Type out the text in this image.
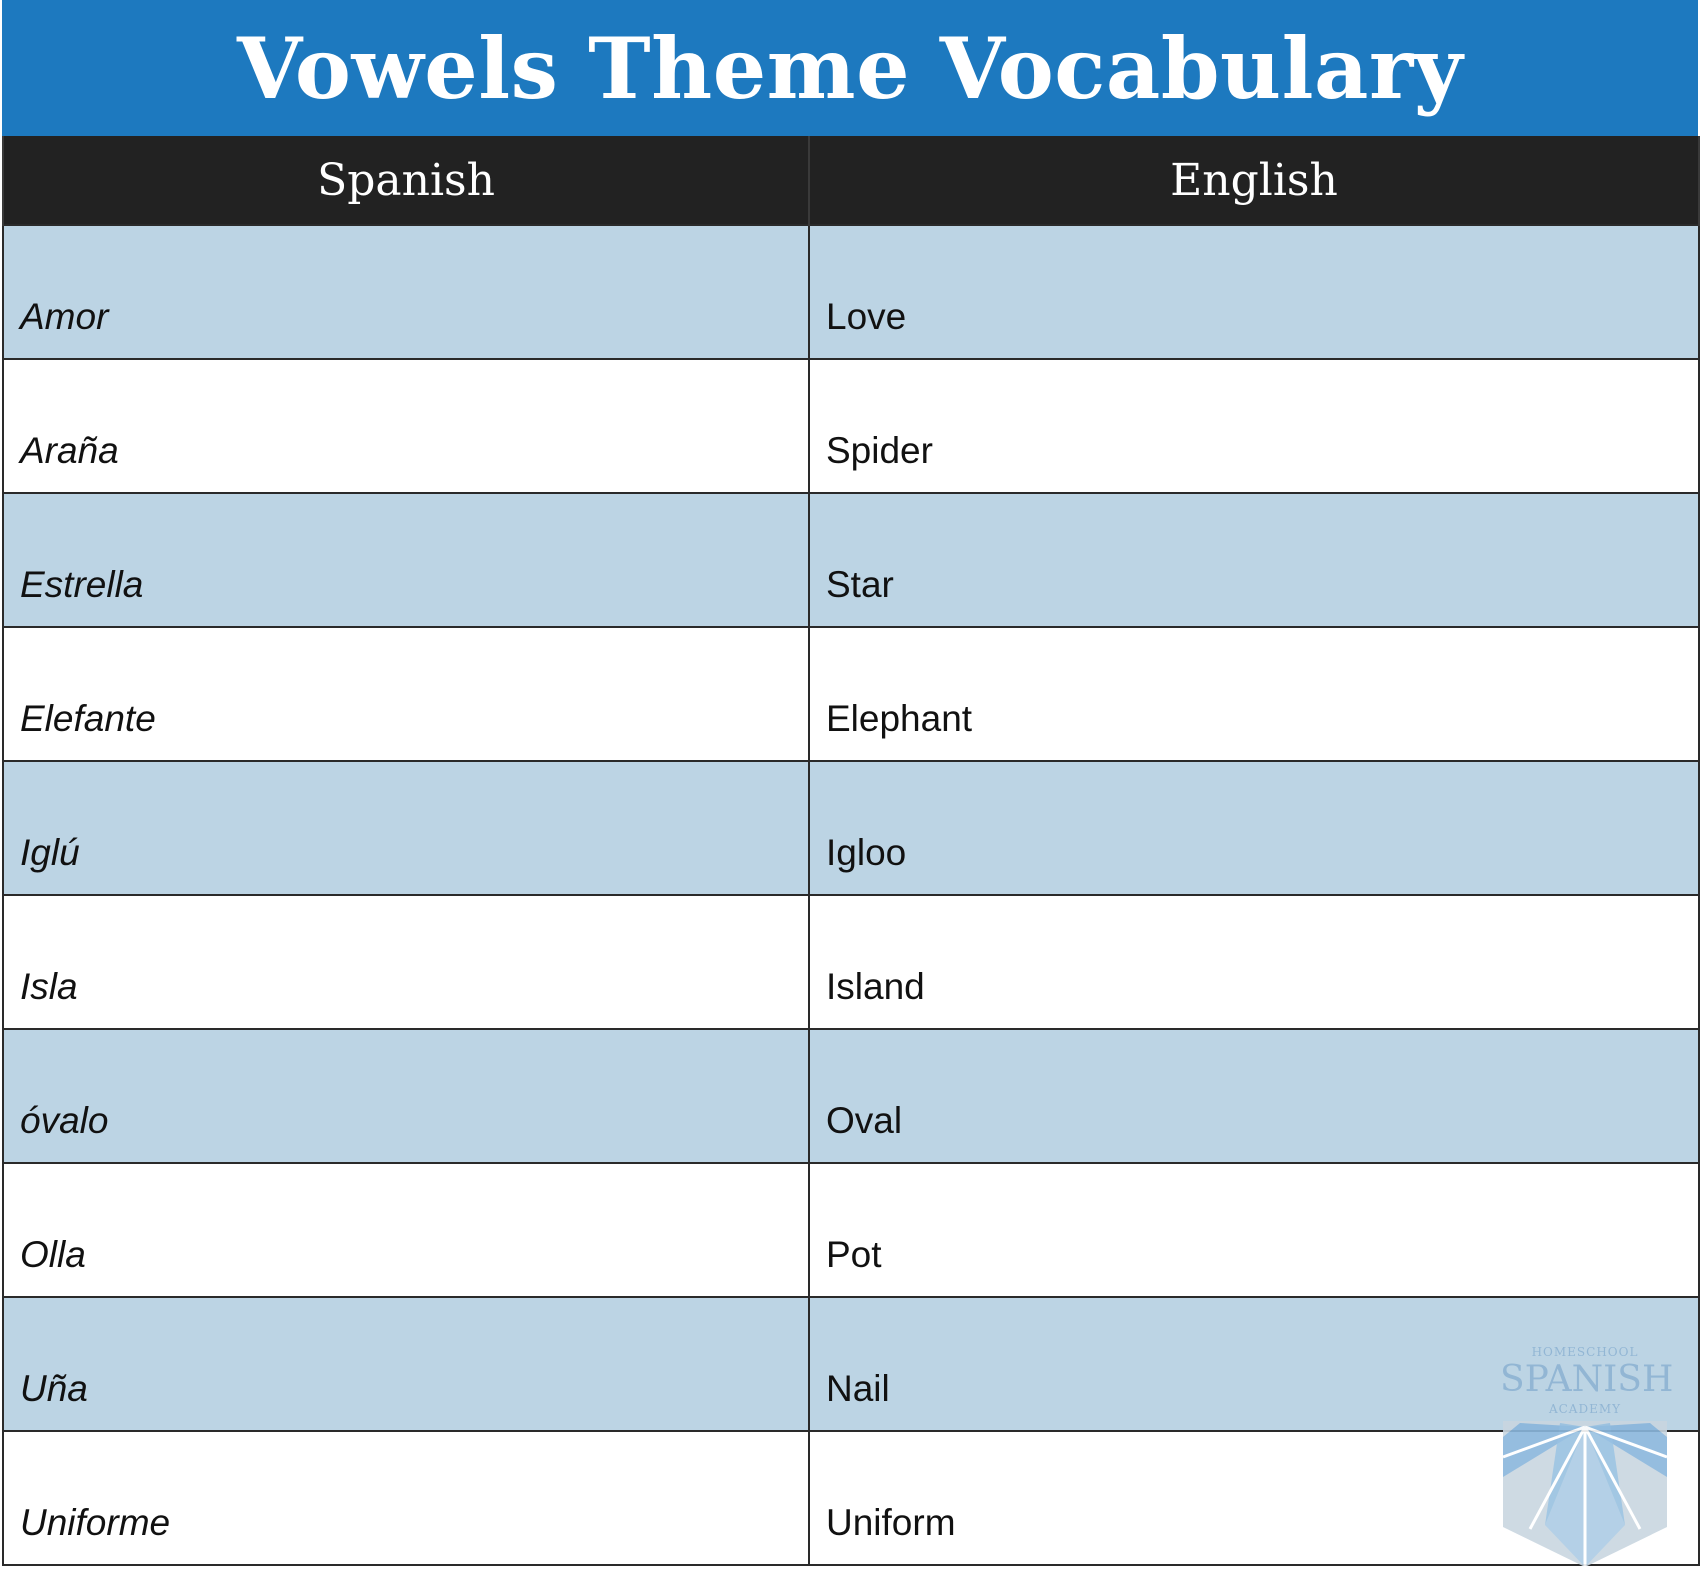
Vowels Theme Vocabulary
Spanish	English
Amor	Love
Araña	Spider
Estrella	Star
Elefante	Elephant
Iglú	Igloo
Isla	Island
óvalo	Oval
Olla	Pot
Uña	Nail
Uniforme	Uniform
HOMESCHOOL
SPANISH
ACADEMY
